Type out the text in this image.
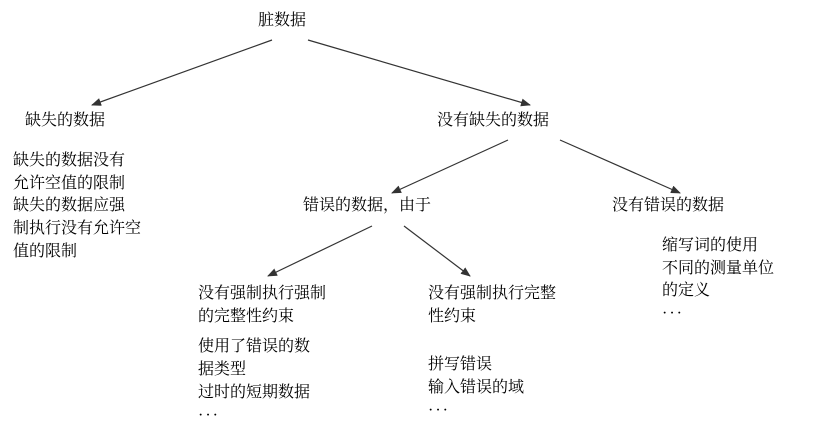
脏数据
缺失的数据	没有缺失的数据
错误的数据，由于	没有错误的数据
缺失的数据没有
允许空值的限制
缺失的数据应强
制执行没有允许空
值的限制
没有强制执行强制
的完整性约束
使用了错误的数
据类型
过时的短期数据
···
没有强制执行完整
性约束
拼写错误
输入错误的域
···
缩写词的使用
不同的测量单位
的定义
···
